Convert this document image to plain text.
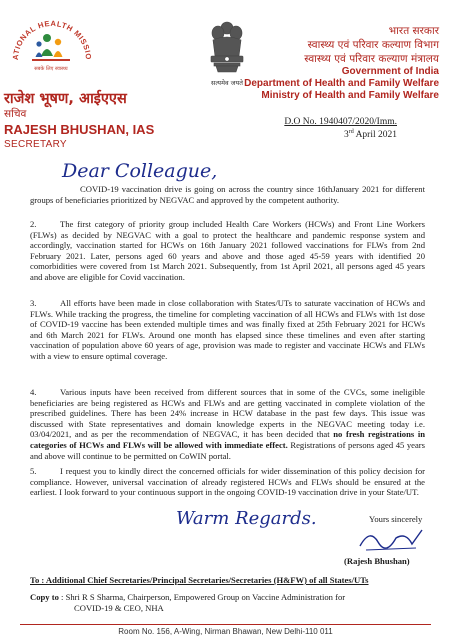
ATIONAL HEALTH MISSIO
सबके लिए स्वास्थ्य
सत्यमेव जयते
राजेश भूषण, आईएएस
सचिव
RAJESH BHUSHAN, IAS
SECRETARY
भारत सरकार
स्वास्थ्य एवं परिवार कल्याण विभाग
स्वास्थ्य एवं परिवार कल्याण मंत्रालय
Government of India
Department of Health and Family Welfare
Ministry of Health and Family Welfare
D.O No. 1940407/2020/Imm.
3rd April 2021
Dear Colleague,
COVID-19 vaccination drive is going on across the country since 16thJanuary 2021 for different groups of beneficiaries prioritized by NEGVAC and approved by the competent authority.
2.	The first category of priority group included Health Care Workers (HCWs) and Front Line Workers (FLWs) as decided by NEGVAC with a goal to protect the healthcare and pandemic response system and accordingly, vaccination started for HCWs on 16th January 2021 followed vaccinations for FLWs from 2nd February 2021. Later, persons aged 60 years and above and those aged 45-59 years with identified 20 comorbidities were covered from 1st March 2021. Subsequently, from 1st April 2021, all persons aged 45 years and above are eligible for Covid vaccination.
3.	All efforts have been made in close collaboration with States/UTs to saturate vaccination of HCWs and FLWs. While tracking the progress, the timeline for completing vaccination of all HCWs and FLWs with 1st dose of COVID-19 vaccine has been extended multiple times and was finally fixed at 25th February 2021 for HCWs and 6th March 2021 for FLWs. Around one month has elapsed since these timelines and even after starting vaccination of population above 60 years of age, provision was made to register and vaccinate HCWs and FLWs with a view to ensure optimal coverage.
4.	Various inputs have been received from different sources that in some of the CVCs, some ineligible beneficiaries are being registered as HCWs and FLWs and are getting vaccinated in complete violation of the prescribed guidelines. There has been 24% increase in HCW database in the past few days. This issue was discussed with State representatives and domain knowledge experts in the NEGVAC meeting today i.e. 03/04/2021, and as per the recommendation of NEGVAC, it has been decided that no fresh registrations in categories of HCWs and FLWs will be allowed with immediate effect. Registrations of persons aged 45 years and above will continue to be permitted on CoWIN portal.
5.	I request you to kindly direct the concerned officials for wider dissemination of this policy decision for compliance. However, universal vaccination of already registered HCWs and FLWs should be ensured at the earliest. I look forward to your continuous support in the ongoing COVID-19 vaccination drive in your State/UT.
Warm Regards.	Yours sincerely
(Rajesh Bhushan)
To : Additional Chief Secretaries/Principal Secretaries/Secretaries (H&FW) of all States/UTs
Copy to : Shri R S Sharma, Chairperson, Empowered Group on Vaccine Administration for
COVID-19 & CEO, NHA
Room No. 156, A-Wing, Nirman Bhawan, New Delhi-110 011
